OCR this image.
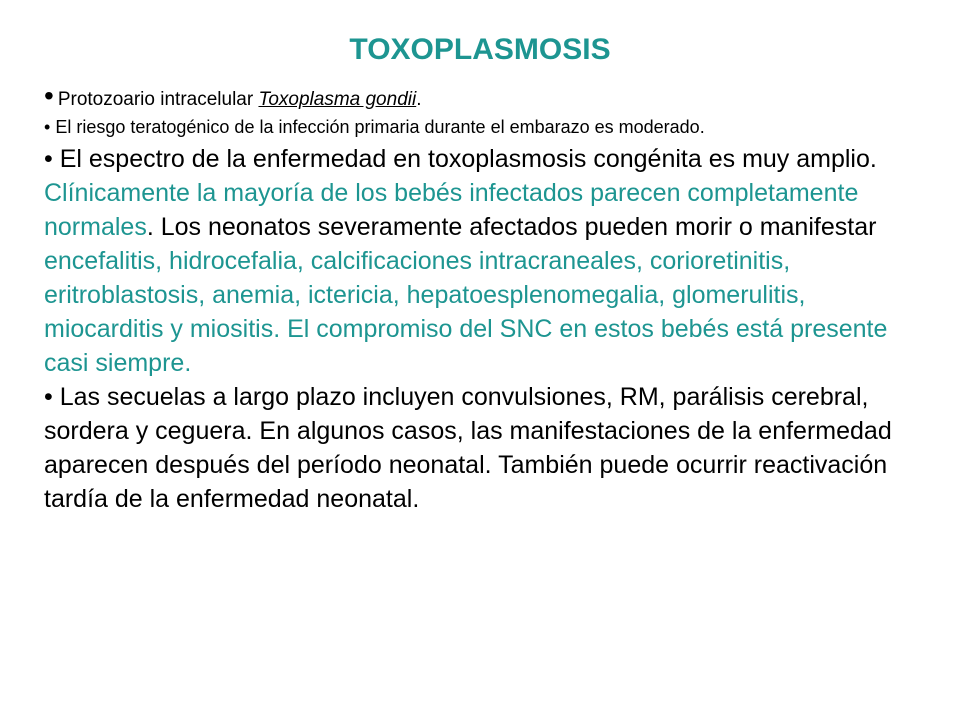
TOXOPLASMOSIS

• Protozoario intracelular Toxoplasma gondii.

• El riesgo teratogénico de la infección primaria durante el embarazo es moderado.

• El espectro de la enfermedad en toxoplasmosis congénita es muy amplio. Clínicamente la mayoría de los bebés infectados parecen completamente normales. Los neonatos severamente afectados pueden morir o manifestar encefalitis, hidrocefalia, calcificaciones intracraneales, corioretinitis, eritroblastosis, anemia, ictericia, hepatoesplenomegalia, glomerulitis, miocarditis y miositis. El compromiso del SNC en estos bebés está presente casi siempre.

• Las secuelas a largo plazo incluyen convulsiones, RM, parálisis cerebral, sordera y ceguera. En algunos casos, las manifestaciones de la enfermedad aparecen después del período neonatal. También puede ocurrir reactivación tardía de la enfermedad neonatal.
